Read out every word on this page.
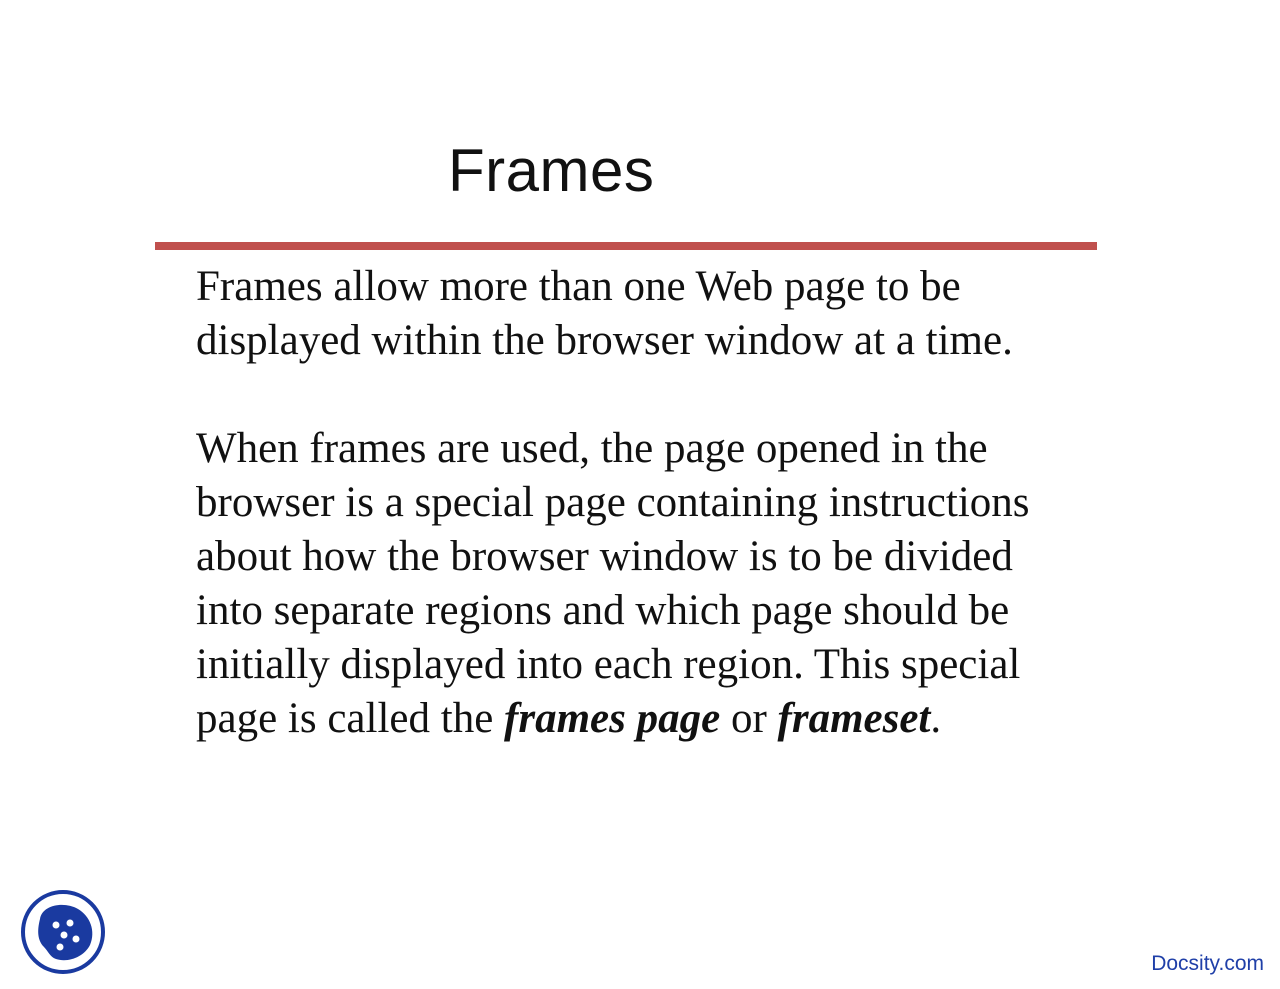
Frames
Frames allow more than one Web page to be
displayed within the browser window at a time.
When frames are used, the page opened in the
browser is a special page containing instructions
about how the browser window is to be divided
into separate regions and which page should be
initially displayed into each region. This special
page is called the frames page or frameset.
Docsity.com
